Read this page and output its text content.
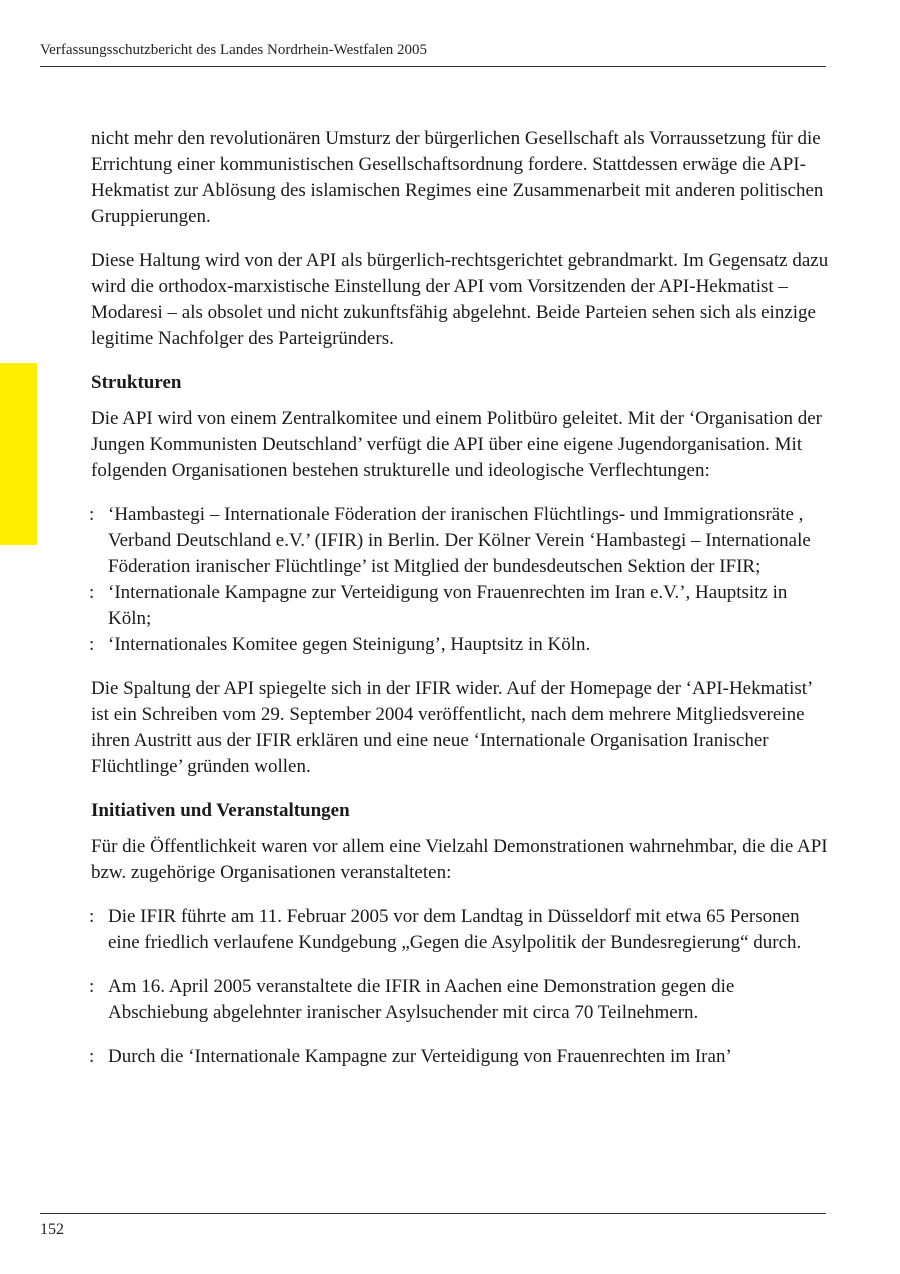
Verfassungsschutzbericht des Landes Nordrhein-Westfalen 2005

nicht mehr den revolutionären Umsturz der bürgerlichen Gesellschaft als Vorraussetzung für die Errichtung einer kommunistischen Gesellschaftsordnung fordere. Stattdessen erwäge die API-Hekmatist zur Ablösung des islamischen Regimes eine Zusammenarbeit mit anderen politischen Gruppierungen.

Diese Haltung wird von der API als bürgerlich-rechtsgerichtet gebrandmarkt. Im Gegensatz dazu wird die orthodox-marxistische Einstellung der API vom Vorsitzenden der API-Hekmatist – Modaresi – als obsolet und nicht zukunftsfähig abgelehnt. Beide Parteien sehen sich als einzige legitime Nachfolger des Parteigründers.

Strukturen

Die API wird von einem Zentralkomitee und einem Politbüro geleitet. Mit der ‘Organisation der Jungen Kommunisten Deutschland’ verfügt die API über eine eigene Jugendorganisation. Mit folgenden Organisationen bestehen strukturelle und ideologische Verflechtungen:

: ‘Hambastegi – Internationale Föderation der iranischen Flüchtlings- und Immigrationsräte , Verband Deutschland e.V.’ (IFIR) in Berlin. Der Kölner Verein ‘Hambastegi – Internationale Föderation iranischer Flüchtlinge’ ist Mitglied der bundesdeutschen Sektion der IFIR;
: ‘Internationale Kampagne zur Verteidigung von Frauenrechten im Iran e.V.’, Hauptsitz in Köln;
: ‘Internationales Komitee gegen Steinigung’, Hauptsitz in Köln.

Die Spaltung der API spiegelte sich in der IFIR wider. Auf der Homepage der ‘API-Hekmatist’ ist ein Schreiben vom 29. September 2004 veröffentlicht, nach dem mehrere Mitgliedsvereine ihren Austritt aus der IFIR erklären und eine neue ‘Internationale Organisation Iranischer Flüchtlinge’ gründen wollen.

Initiativen und Veranstaltungen

Für die Öffentlichkeit waren vor allem eine Vielzahl Demonstrationen wahrnehmbar, die die API bzw. zugehörige Organisationen veranstalteten:

: Die IFIR führte am 11. Februar 2005 vor dem Landtag in Düsseldorf mit etwa 65 Personen eine friedlich verlaufene Kundgebung „Gegen die Asylpolitik der Bundesregierung“ durch.
: Am 16. April 2005 veranstaltete die IFIR in Aachen eine Demonstration gegen die Abschiebung abgelehnter iranischer Asylsuchender mit circa 70 Teilnehmern.
: Durch die ‘Internationale Kampagne zur Verteidigung von Frauenrechten im Iran’
152
